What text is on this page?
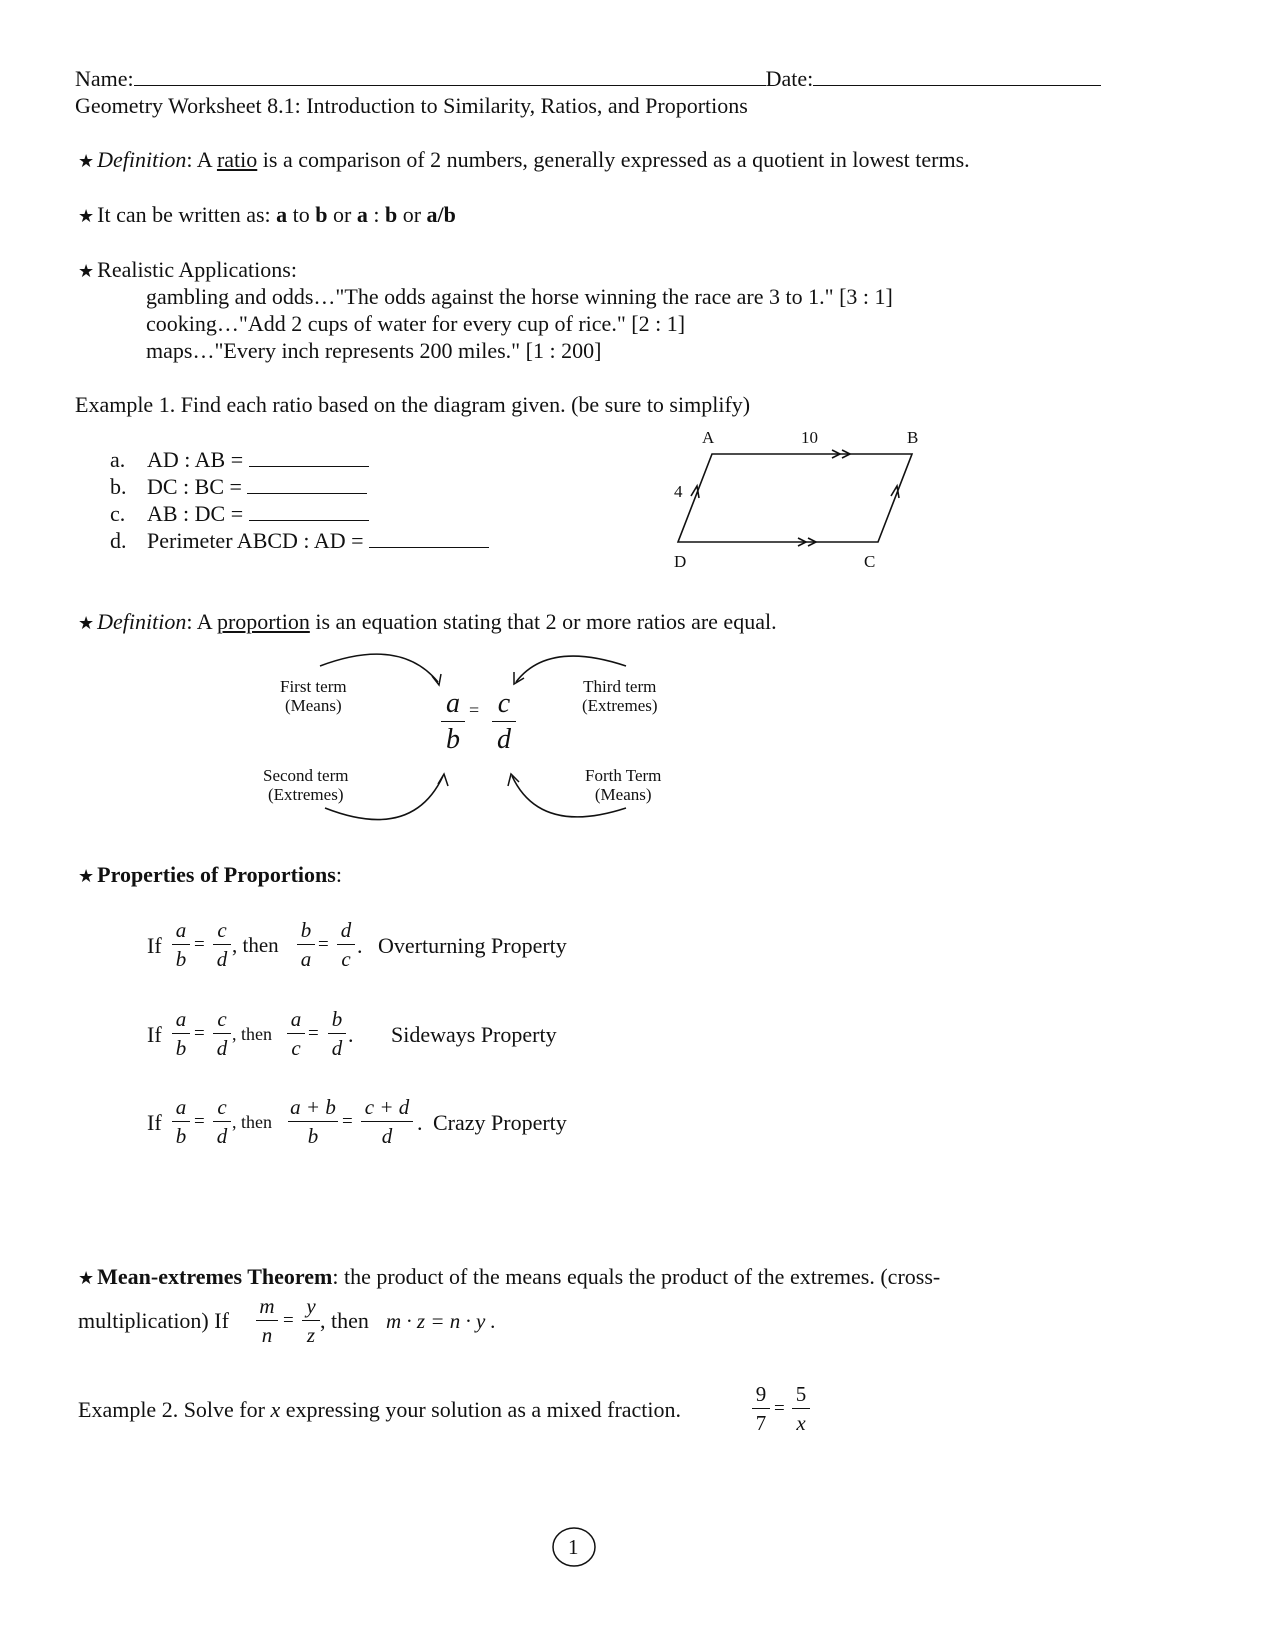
Name:	Date:
Geometry Worksheet 8.1: Introduction to Similarity, Ratios, and Proportions
★ Definition: A ratio is a comparison of 2 numbers, generally expressed as a quotient in lowest terms.
★ It can be written as: a to b or a : b or a/b
★ Realistic Applications:
gambling and odds…"The odds against the horse winning the race are 3 to 1." [3 : 1]
cooking…"Add 2 cups of water for every cup of rice." [2 : 1]
maps…"Every inch represents 200 miles." [1 : 200]
Example 1. Find each ratio based on the diagram given. (be sure to simplify)
a. AD : AB =
b. DC : BC =
c. AB : DC =
d. Perimeter ABCD : AD =
A	10	B
4
D	C
★ Definition: A proportion is an equation stating that 2 or more ratios are equal.
First term
(Means)
Third term
(Extremes)
Second term
(Extremes)
Forth Term
(Means)
a
b
= c
d
★ Properties of Proportions:
If
a
b
=
c
d
, then
b
a
=
d
c
. Overturning Property
If
a
b
=
c
d
, then
a
c
=
b
d
. Sideways Property
If
a
b
=
c
d
, then
a + b
b
=
c + d
d
. Crazy Property
★ Mean-extremes Theorem: the product of the means equals the product of the extremes. (cross-
multiplication) If
m
n
=
y
z
, then m · z = n · y .
Example 2. Solve for x expressing your solution as a mixed fraction.
9
7
=
5
x
1
